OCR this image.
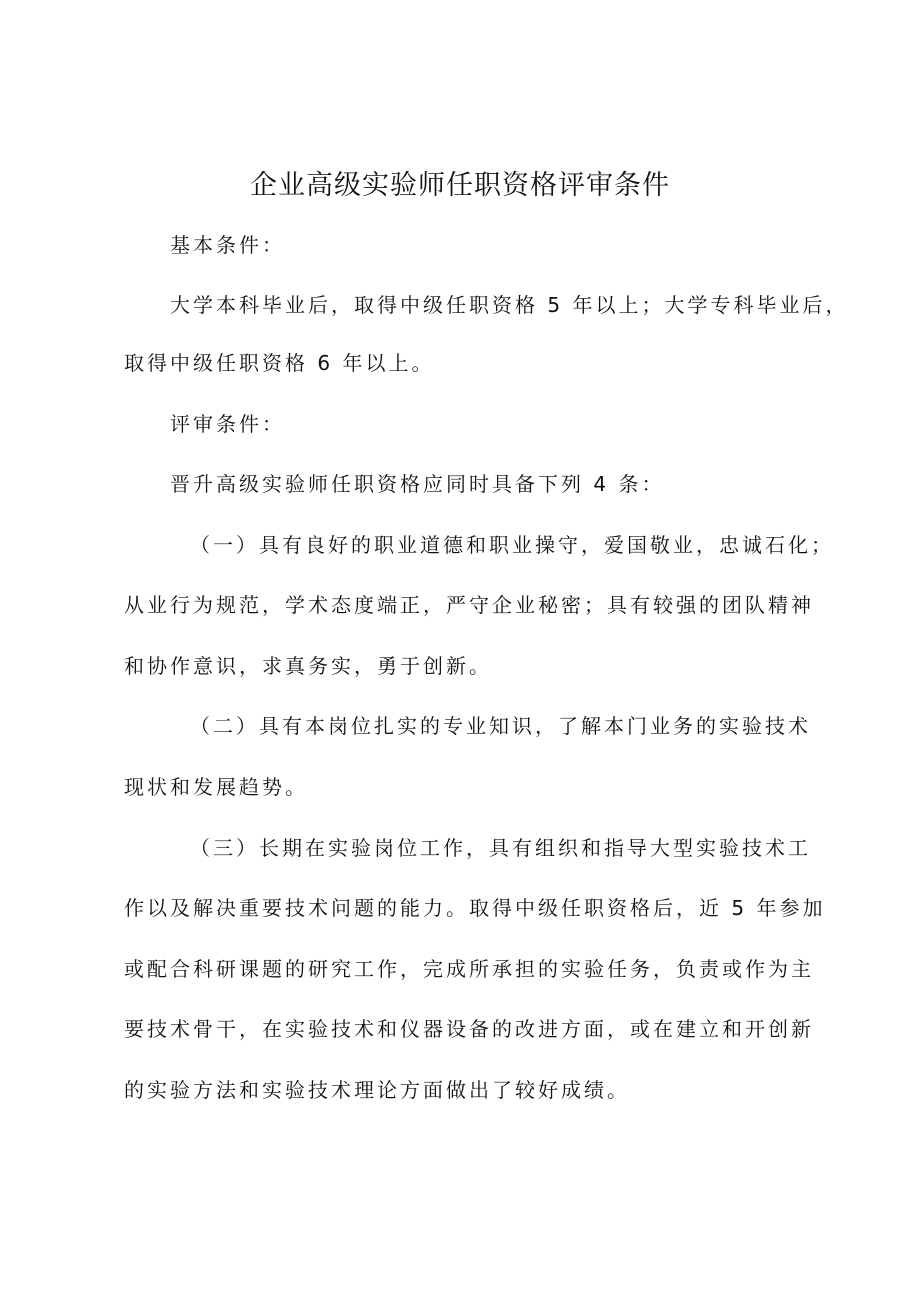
企业高级实验师任职资格评审条件
基本条件：
大学本科毕业后，取得中级任职资格 5 年以上；大学专科毕业后，
取得中级任职资格 6 年以上。
评审条件：
晋升高级实验师任职资格应同时具备下列 4 条：
（一）具有良好的职业道德和职业操守，爱国敬业，忠诚石化；
从业行为规范，学术态度端正，严守企业秘密；具有较强的团队精神
和协作意识，求真务实，勇于创新。
（二）具有本岗位扎实的专业知识，了解本门业务的实验技术
现状和发展趋势。
（三）长期在实验岗位工作，具有组织和指导大型实验技术工
作以及解决重要技术问题的能力。取得中级任职资格后，近 5 年参加
或配合科研课题的研究工作，完成所承担的实验任务，负责或作为主
要技术骨干，在实验技术和仪器设备的改进方面，或在建立和开创新
的实验方法和实验技术理论方面做出了较好成绩。
